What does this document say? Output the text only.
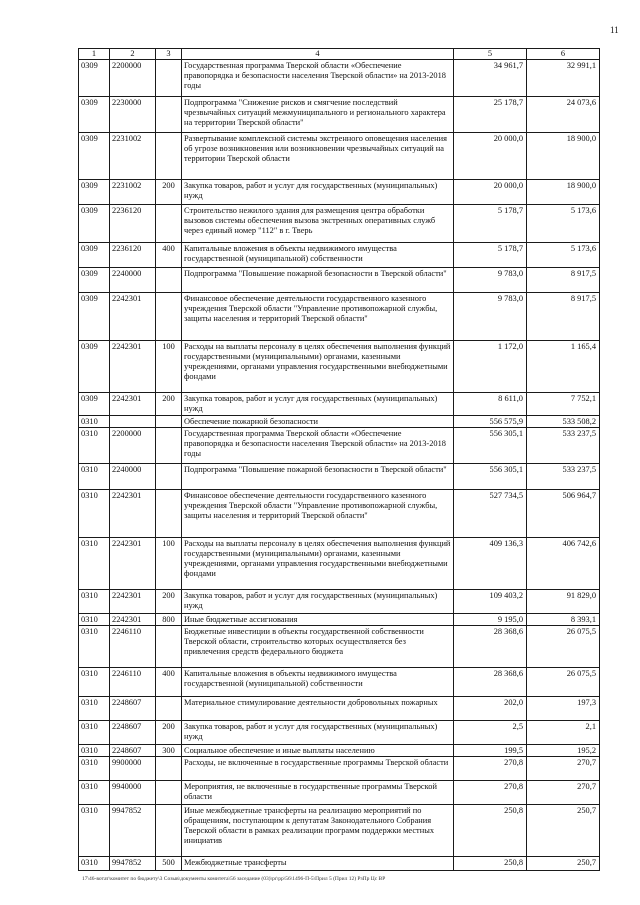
11
1	2	3	4	5	6
0309	2200000		Государственная программа Тверской области «Обеспечение правопорядка и безопасности населения Тверской области» на 2013-2018 годы	34 961,7	32 991,1
0309	2230000		Подпрограмма "Снижение рисков и смягчение последствий чрезвычайных ситуаций межмуниципального и регионального характера на территории Тверской области"	25 178,7	24 073,6
0309	2231002		Развертывание комплексной системы экстренного оповещения населения об угрозе возникновения или возникновении чрезвычайных ситуаций на территории Тверской области	20 000,0	18 900,0
0309	2231002	200	Закупка товаров, работ и услуг для государственных (муниципальных) нужд	20 000,0	18 900,0
0309	2236120		Строительство нежилого здания для размещения центра обработки вызовов системы обеспечения вызова экстренных оперативных служб через единый номер "112" в г. Тверь	5 178,7	5 173,6
0309	2236120	400	Капитальные вложения в объекты недвижимого имущества государственной (муниципальной) собственности	5 178,7	5 173,6
0309	2240000		Подпрограмма "Повышение пожарной безопасности в Тверской области"	9 783,0	8 917,5
0309	2242301		Финансовое обеспечение деятельности государственного казенного учреждения Тверской области "Управление противопожарной службы, защиты населения и территорий Тверской области"	9 783,0	8 917,5
0309	2242301	100	Расходы на выплаты персоналу в целях обеспечения выполнения функций государственными (муниципальными) органами, казенными учреждениями, органами управления государственными внебюджетными фондами	1 172,0	1 165,4
0309	2242301	200	Закупка товаров, работ и услуг для государственных (муниципальных) нужд	8 611,0	7 752,1
0310			Обеспечение пожарной безопасности	556 575,9	533 508,2
0310	2200000		Государственная программа Тверской области «Обеспечение правопорядка и безопасности населения Тверской области» на 2013-2018 годы	556 305,1	533 237,5
0310	2240000		Подпрограмма "Повышение пожарной безопасности в Тверской области"	556 305,1	533 237,5
0310	2242301		Финансовое обеспечение деятельности государственного казенного учреждения Тверской области "Управление противопожарной службы, защиты населения и территорий Тверской области"	527 734,5	506 964,7
0310	2242301	100	Расходы на выплаты персоналу в целях обеспечения выполнения функций государственными (муниципальными) органами, казенными учреждениями, органами управления государственными внебюджетными фондами	409 136,3	406 742,6
0310	2242301	200	Закупка товаров, работ и услуг для государственных (муниципальных) нужд	109 403,2	91 829,0
0310	2242301	800	Иные бюджетные ассигнования	9 195,0	8 393,1
0310	2246110		Бюджетные инвестиции в объекты государственной собственности Тверской области, строительство которых осуществляется без привлечения средств федерального бюджета	28 368,6	26 075,5
0310	2246110	400	Капитальные вложения в объекты недвижимого имущества государственной (муниципальной) собственности	28 368,6	26 075,5
0310	2248607		Материальное стимулирование деятельности добровольных пожарных	202,0	197,3
0310	2248607	200	Закупка товаров, работ и услуг для государственных (муниципальных) нужд	2,5	2,1
0310	2248607	300	Социальное обеспечение и иные выплаты населению	199,5	195,2
0310	9900000		Расходы, не включенные в государственные программы Тверской области	270,8	270,7
0310	9940000		Мероприятия, не включенные в государственные программы Тверской области	270,8	270,7
0310	9947852		Иные межбюджетные трансферты на реализацию мероприятий по обращениям, поступающим к депутатам Законодательного Собрания Тверской области в рамках реализации программ поддержки местных инициатив	250,8	250,7
0310	9947852	500	Межбюджетные трансферты	250,8	250,7
17\46-вотат\комитет по бюджету\3 Созыв\документы комитета\56 заседание (03)\pr\pp\56\1496-П-5\Прил 5 (Прил 12) РзПр Цс ВР
